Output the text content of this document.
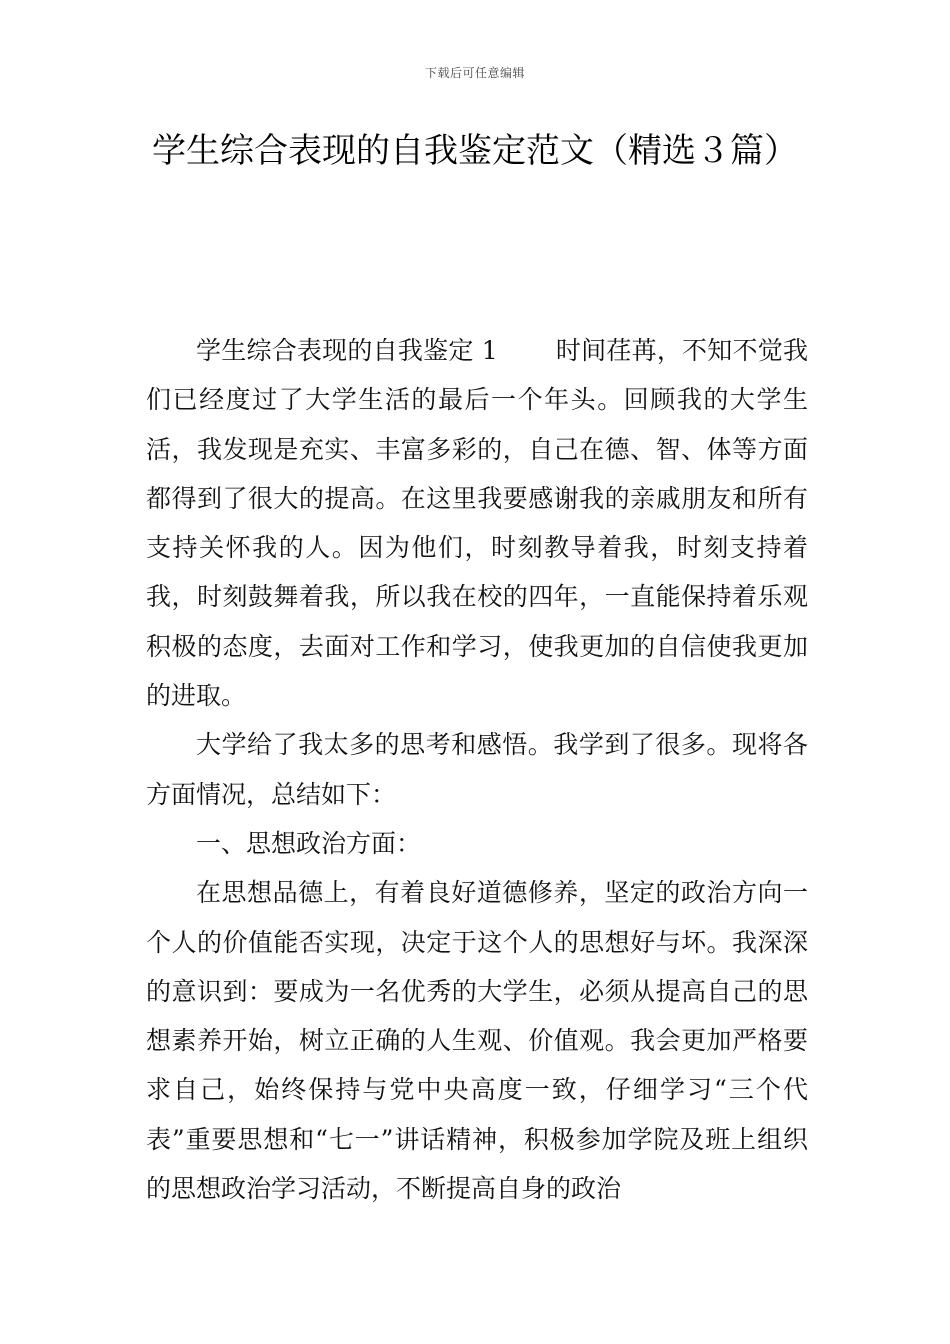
下载后可任意编辑
学生综合表现的自我鉴定范文（精选３篇）

学生综合表现的自我鉴定 1 时间荏苒，不知不觉我们已经度过了大学生活的最后一个年头。回顾我的大学生活，我发现是充实、丰富多彩的，自己在德、智、体等方面都得到了很大的提高。在这里我要感谢我的亲戚朋友和所有支持关怀我的人。因为他们，时刻教导着我，时刻支持着我，时刻鼓舞着我，所以我在校的四年，一直能保持着乐观积极的态度，去面对工作和学习，使我更加的自信使我更加的进取。

大学给了我太多的思考和感悟。我学到了很多。现将各方面情况，总结如下：

一、思想政治方面：

在思想品德上，有着良好道德修养，坚定的政治方向一个人的价值能否实现，决定于这个人的思想好与坏。我深深的意识到：要成为一名优秀的大学生，必须从提高自己的思想素养开始，树立正确的人生观、价值观。我会更加严格要求自己，始终保持与党中央高度一致，仔细学习“三个代表”重要思想和“七一”讲话精神，积极参加学院及班上组织的思想政治学习活动，不断提高自身的政治
